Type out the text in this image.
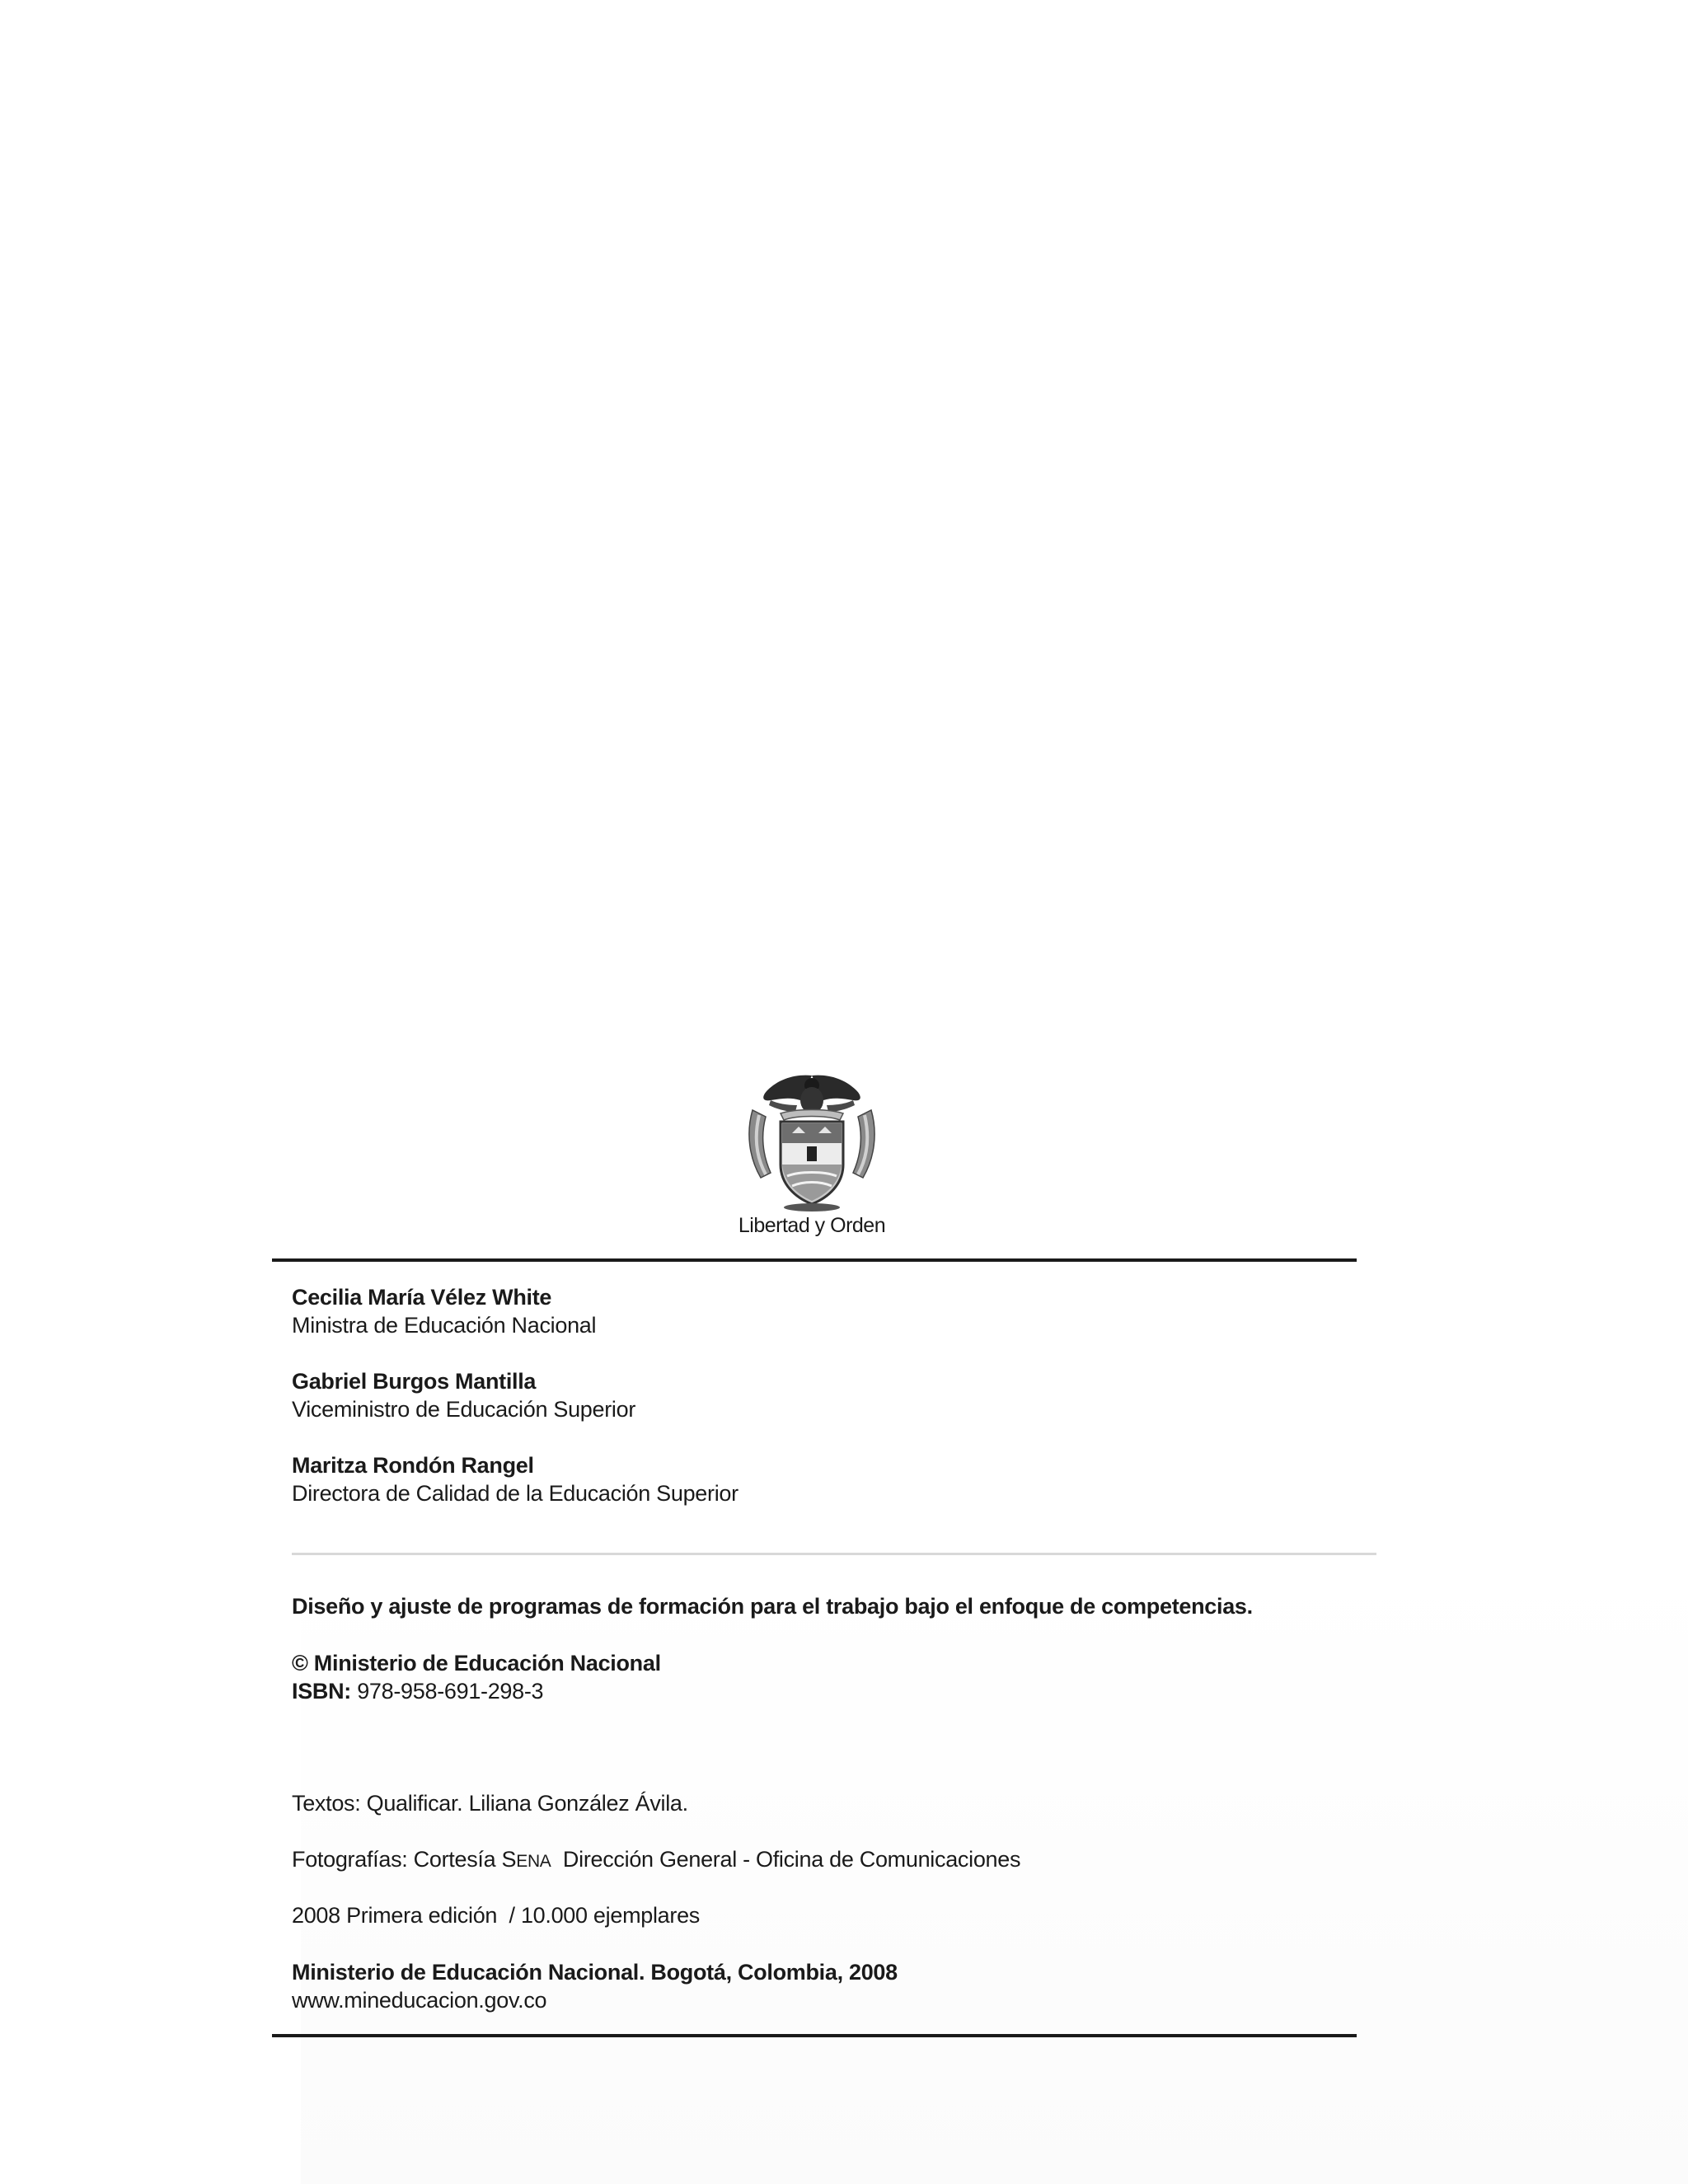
Libertad y Orden
Cecilia María Vélez White
Ministra de Educación Nacional
Gabriel Burgos Mantilla
Viceministro de Educación Superior
Maritza Rondón Rangel
Directora de Calidad de la Educación Superior
Diseño y ajuste de programas de formación para el trabajo bajo el enfoque de competencias.
© Ministerio de Educación Nacional
ISBN: 978-958-691-298-3
Textos: Qualificar. Liliana González Ávila.
Fotografías: Cortesía SENA  Dirección General - Oficina de Comunicaciones
2008 Primera edición  / 10.000 ejemplares
Ministerio de Educación Nacional. Bogotá, Colombia, 2008
www.mineducacion.gov.co
